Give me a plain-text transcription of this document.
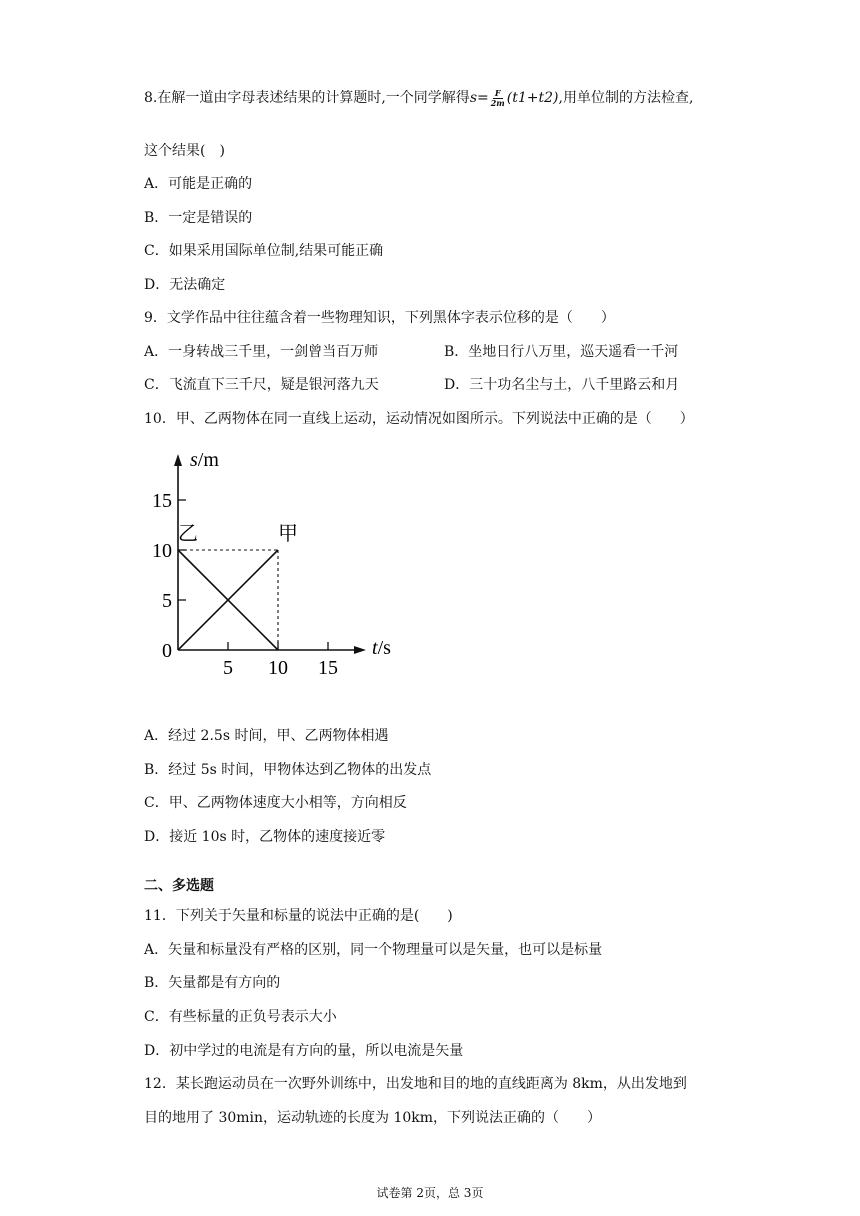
8.在解一道由字母表述结果的计算题时,一个同学解得$s= \frac{F}{2m} (t1+t2)$,用单位制的方法检查,
这个结果(　)
A．可能是正确的
B．一定是错误的
C．如果采用国际单位制,结果可能正确
D．无法确定
9．文学作品中往往蕴含着一些物理知识，下列黑体字表示位移的是（　　）
A．一身转战三千里，一剑曾当百万师	B．坐地日行八万里，巡天遥看一千河
C．飞流直下三千尺，疑是银河落九天	D．三十功名尘与土，八千里路云和月
10．甲、乙两物体在同一直线上运动，运动情况如图所示。下列说法中正确的是（　　）
s/m
t/s
0
5
10
15
5 10 15
甲
乙
A．经过 2.5s 时间，甲、乙两物体相遇
B．经过 5s 时间，甲物体达到乙物体的出发点
C．甲、乙两物体速度大小相等，方向相反
D．接近 10s 时，乙物体的速度接近零
二、多选题
11．下列关于矢量和标量的说法中正确的是(　　)
A．矢量和标量没有严格的区别，同一个物理量可以是矢量，也可以是标量
B．矢量都是有方向的
C．有些标量的正负号表示大小
D．初中学过的电流是有方向的量，所以电流是矢量
12．某长跑运动员在一次野外训练中，出发地和目的地的直线距离为 8km，从出发地到
目的地用了 30min，运动轨迹的长度为 10km，下列说法正确的（　　）
试卷第 2页，总 3页
